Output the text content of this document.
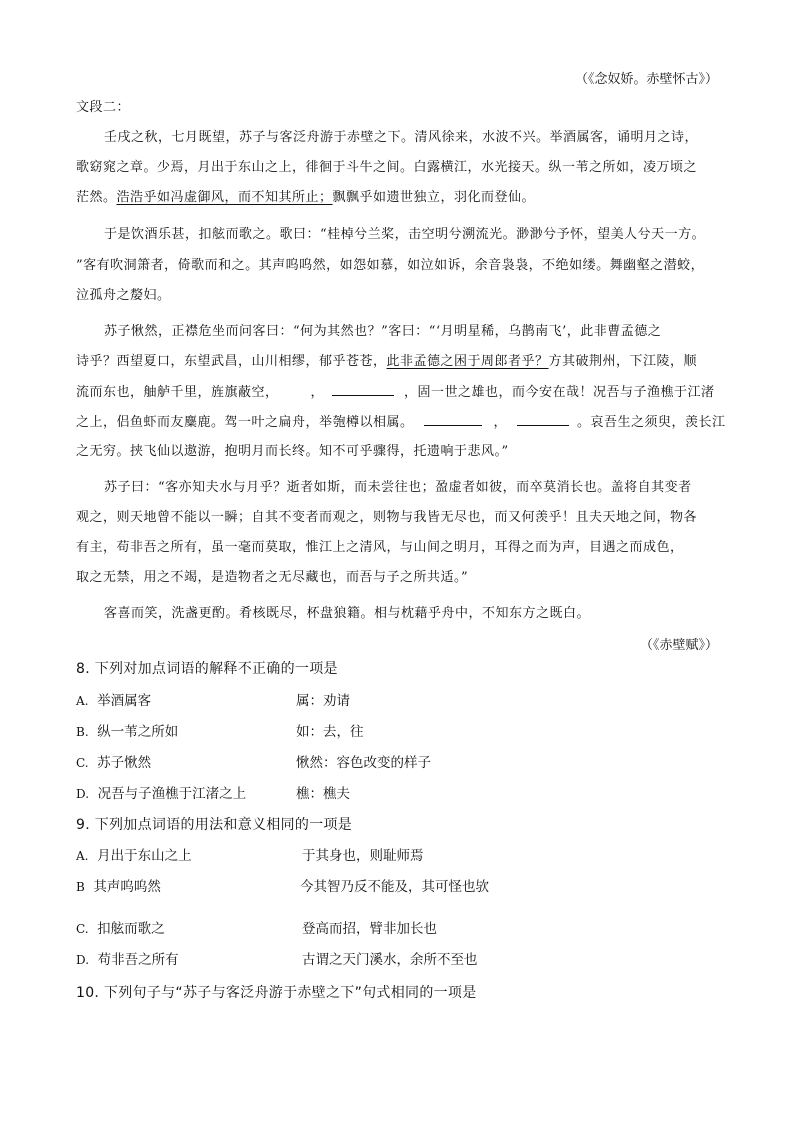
（《念奴娇。赤壁怀古》）
文段二：
壬戌之秋，七月既望，苏子与客泛舟游于赤壁之下。清风徐来，水波不兴。举酒属客，诵明月之诗，
歌窈窕之章。少焉，月出于东山之上，徘徊于斗牛之间。白露横江，水光接天。纵一苇之所如，凌万顷之
茫然。浩浩乎如冯虚御风，而不知其所止；飘飘乎如遗世独立，羽化而登仙。
于是饮酒乐甚，扣舷而歌之。歌曰：“桂棹兮兰桨，击空明兮溯流光。渺渺兮予怀，望美人兮天一方。
”客有吹洞箫者，倚歌而和之。其声呜呜然，如怨如慕，如泣如诉，余音袅袅，不绝如缕。舞幽壑之潜蛟，
泣孤舟之嫠妇。
苏子愀然，正襟危坐而问客曰：“何为其然也？”客曰：“‘月明星稀，乌鹊南飞’，此非曹孟德之
诗乎？西望夏口，东望武昌，山川相缪，郁乎苍苍，此非孟德之困于周郎者乎？方其破荆州，下江陵，顺
流而东也，舳舻千里，旌旗蔽空， ，	，固一世之雄也，而今安在哉！况吾与子渔樵于江渚
之上，侣鱼虾而友麋鹿。驾一叶之扁舟，举匏樽以相属。	，	。哀吾生之须臾，羡长江
之无穷。挟飞仙以遨游，抱明月而长终。知不可乎骤得，托遗响于悲风。”
苏子曰：“客亦知夫水与月乎？逝者如斯，而未尝往也；盈虚者如彼，而卒莫消长也。盖将自其变者
观之，则天地曾不能以一瞬；自其不变者而观之，则物与我皆无尽也，而又何羡乎！且夫天地之间，物各
有主，苟非吾之所有，虽一毫而莫取，惟江上之清风，与山间之明月，耳得之而为声，目遇之而成色，
取之无禁，用之不竭，是造物者之无尽藏也，而吾与子之所共适。”
客喜而笑，洗盏更酌。肴核既尽，杯盘狼籍。相与枕藉乎舟中，不知东方之既白。
（《赤壁赋》）
8. 下列对加点词语的解释不正确的一项是
A. 举酒属客	属：劝请
B. 纵一苇之所如	如：去，往
C. 苏子愀然	愀然：容色改变的样子
D. 况吾与子渔樵于江渚之上	樵：樵夫
9. 下列加点词语的用法和意义相同的一项是
A. 月出于东山之上	于其身也，则耻师焉
B 其声呜呜然	今其智乃反不能及，其可怪也欤
C. 扣舷而歌之	登高而招，臂非加长也
D. 苟非吾之所有	古谓之天门溪水，余所不至也
10. 下列句子与“苏子与客泛舟游于赤壁之下”句式相同的一项是
